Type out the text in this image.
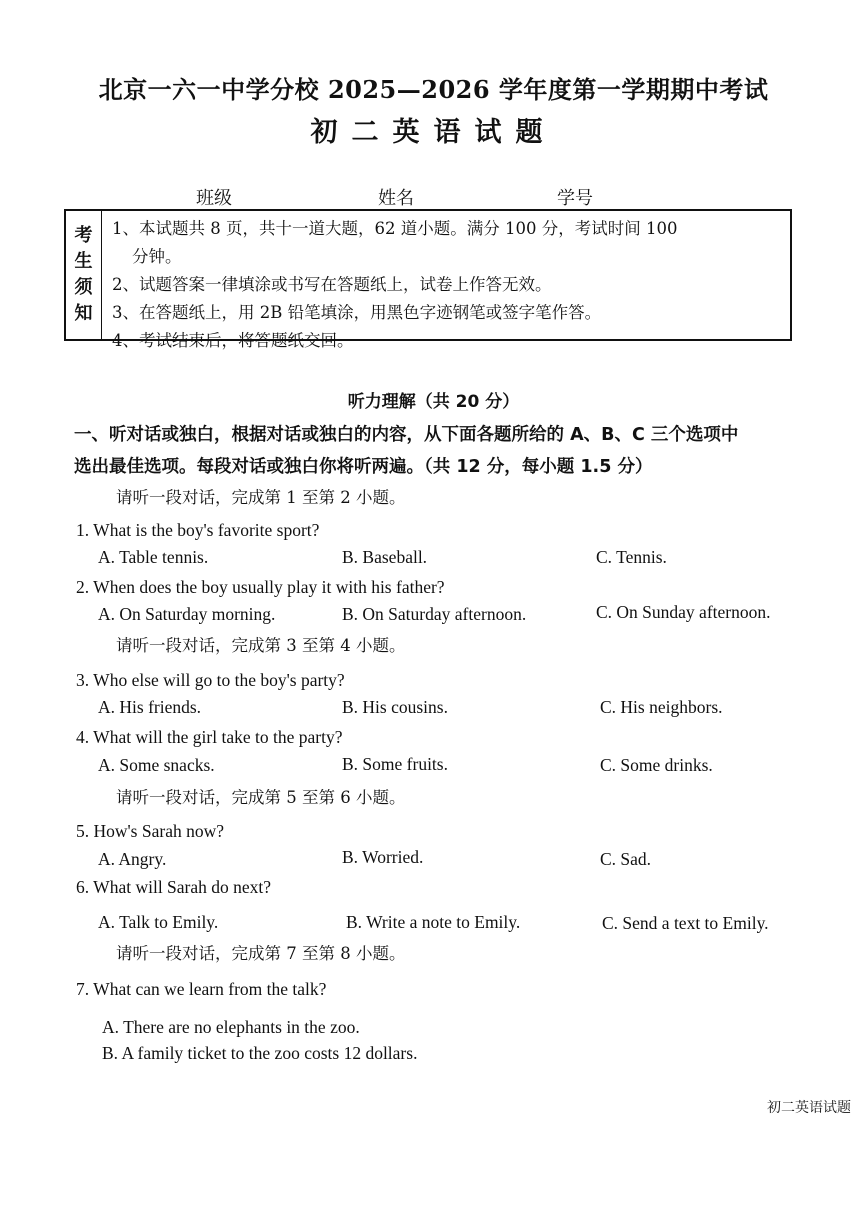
北京一六一中学分校 2025—2026 学年度第一学期期中考试
初二英语试题
班级	姓名	学号
考
生
须
知

1、本试题共 8 页，共十一道大题，62 道小题。满分 100 分，考试时间 100

分钟。

2、试题答案一律填涂或书写在答题纸上，试卷上作答无效。

3、在答题纸上，用 2B 铅笔填涂，用黑色字迹钢笔或签字笔作答。

4、考试结束后，将答题纸交回。

听力理解（共 20 分）

一、听对话或独白，根据对话或独白的内容，从下面各题所给的 A、B、C 三个选项中

选出最佳选项。每段对话或独白你将听两遍。（共 12 分，每小题 1.5 分）

请听一段对话，完成第 1 至第 2 小题。
1. What is the boy's favorite sport?
A. Table tennis.	B. Baseball.	C. Tennis.
2. When does the boy usually play it with his father?
A. On Saturday morning.	B. On Saturday afternoon.	C. On Sunday afternoon.
请听一段对话，完成第 3 至第 4 小题。
3. Who else will go to the boy's party?
A. His friends.	B. His cousins.	C. His neighbors.
4. What will the girl take to the party?
A. Some snacks.	B. Some fruits.	C. Some drinks.
请听一段对话，完成第 5 至第 6 小题。
5. How's Sarah now?
A. Angry.	B. Worried.	C. Sad.
6. What will Sarah do next?
A. Talk to Emily.	B. Write a note to Emily.	C. Send a text to Emily.
请听一段对话，完成第 7 至第 8 小题。
7. What can we learn from the talk?
A. There are no elephants in the zoo.
B. A family ticket to the zoo costs 12 dollars.
初二英语试题
